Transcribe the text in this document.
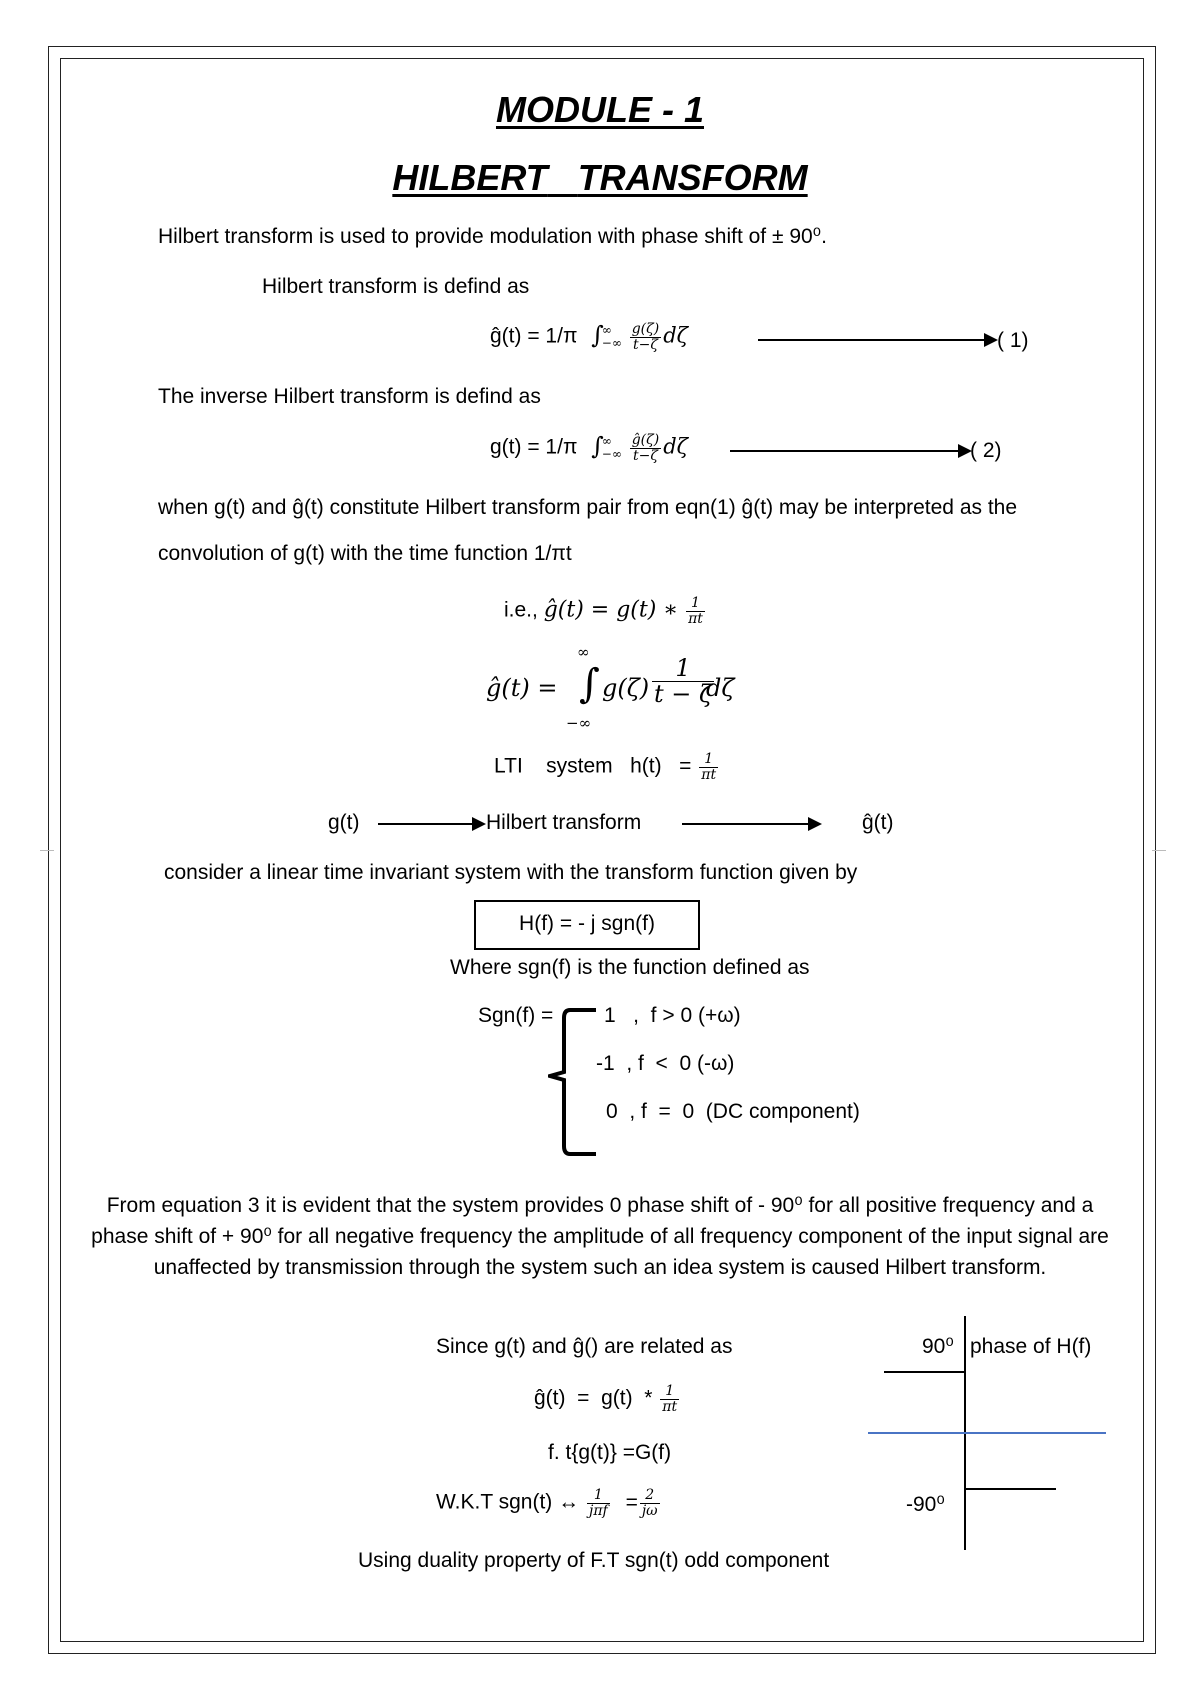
MODULE - 1
HILBERT TRANSFORM
Hilbert transform is used to provide modulation with phase shift of ± 90⁰.
Hilbert transform is defind as
ĝ(t) = 1/π ∫
∞
−∞
$\frac{g(\zeta)}{t-\zeta}$ dζ	( 1)
The inverse Hilbert transform is defind as
g(t) = 1/π ∫
∞
−∞
$\frac{ĝ(\zeta)}{t-\zeta}$ dζ	( 2)
when g(t) and ĝ(t) constitute Hilbert transform pair from eqn(1) ĝ(t) may be interpreted as the
convolution of g(t) with the time function 1/πt
i.e., ĝ(t) = g(t) ∗ $\frac{1}{\pi t}$
ĝ(t) =
∞
∫
−∞
$g(\zeta) \frac{1}{t - \zeta}$
dζ
LTI    system   $h(t) = \frac{1}{\pi t}$
g(t)	Hilbert transform	ĝ(t)
consider a linear time invariant system with the transform function given by
H(f) = - j sgn(f)
Where sgn(f) is the function defined as
Sgn(f) = 1   ,  f > 0 (+ω)
-1  , f  <  0 (-ω)
0  , f  =  0  (DC component)
From equation 3 it is evident that the system provides 0 phase shift of - 90⁰ for all positive frequency and a phase shift of + 90⁰ for all negative frequency the amplitude of all frequency component of the input signal are unaffected by transmission through the system such an idea system is caused Hilbert transform.
Since g(t) and ĝ() are related as
ĝ(t)  =  $g(t) * \frac{1}{\pi t}$
f. t{g(t)} =G(f)
W.K.T sgn(t) ↔ $\frac{1}{\text{jπf}} = \frac{2}{j\omega}$
Using duality property of F.T sgn(t) odd component
90⁰ phase of H(f)
-90⁰
